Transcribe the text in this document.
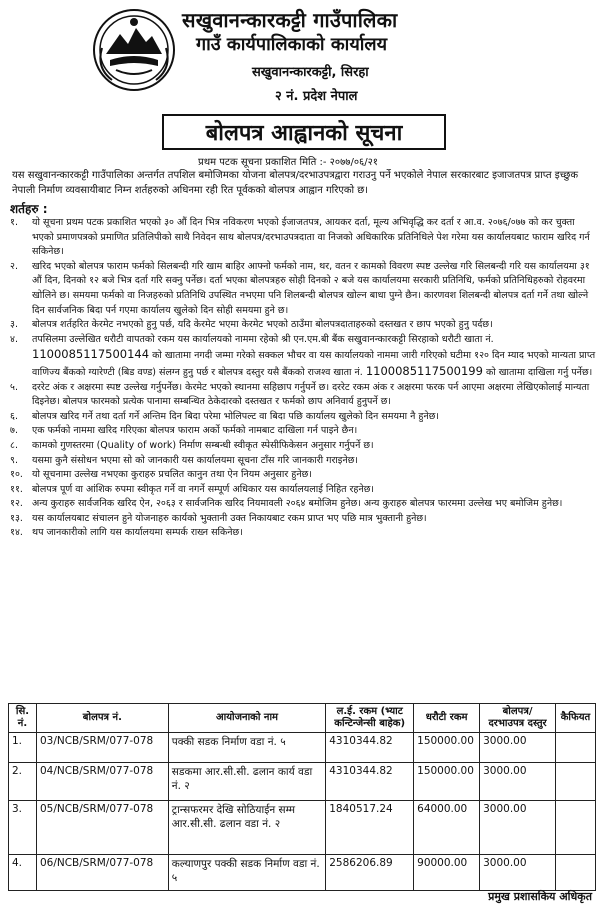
सखुवानन्कारकट्टी गाउँपालिका
गाउँ कार्यपालिकाको कार्यालय
सखुवानन्कारकट्टी, सिरहा
२ नं. प्रदेश नेपाल
बोलपत्र आह्वानको सूचना
प्रथम पटक सूचना प्रकाशित मिति :- २०७७/०६/२१
यस सखुवानन्कारकट्टी गाउँपालिका अन्तर्गत तपशिल बमोजिमका योजना बोलपत्र/दरभाउपत्रद्वारा गराउनु पर्ने भएकोले नेपाल सरकारबाट इजाजतपत्र प्राप्त इच्छुक नेपाली निर्माण व्यवसायीबाट निम्न शर्तहरुको अधिनमा रही रित पूर्वकको बोलपत्र आह्वान गरिएको छ।
शर्तहरु :
१.	यो सूचना प्रथम पटक प्रकाशित भएको ३० औं दिन भित्र नविकरण भएको ईजाजतपत्र, आयकर दर्ता, मूल्य अभिवृद्धि कर दर्ता र आ.व. २०७६/०७७ को कर चुक्ता भएको प्रमाणपत्रको प्रमाणित प्रतिलिपीको साथै निवेदन साथ बोलपत्र/दरभाउपत्रदाता वा निजको अधिकारिक प्रतिनिधिले पेश गरेमा यस कार्यालयबाट फाराम खरिद गर्न सकिनेछ।
२.	खरिद भएको बोलपत्र फाराम फर्मको सिलबन्दी गरि खाम बाहिर आफ्नो फर्मको नाम, थर, वतन र कामको विवरण स्पष्ट उल्लेख गरि सिलबन्दी गरि यस कार्यालयमा ३१ औं दिन, दिनको १२ बजे भित्र दर्ता गरि सक्नु पर्नेछ। दर्ता भएका बोलपत्रहरु सोही दिनको २ बजे यस कार्यालयमा सरकारी प्रतिनिधि, फर्मको प्रतिनिधिहरुको रोहवरमा खोलिने छ। समयमा फर्मको वा निजहरुको प्रतिनिधि उपस्थित नभएमा पनि शिलबन्दी बोलपत्र खोल्न बाधा पुग्ने छैन। कारणवश शिलबन्दी बोलपत्र दर्ता गर्ने तथा खोल्ने दिन सार्वजनिक बिदा पर्न गएमा कार्यालय खुलेको दिन सोही समयमा हुने छ।
३.	बोलपत्र शर्तहरित केरमेट नभएको हुनु पर्छ, यदि केरमेट भएमा केरमेट भएको ठाउँमा बोलपत्रदाताहरुको दस्तखत र छाप भएको हुनु पर्दछ।
४.	तपसिलमा उल्लेखित धरौटी वापतको रकम यस कार्यालयको नाममा रहेको श्री एन.एम.बी बैंक सखुवानन्कारकट्टी सिरहाको धरौटी खाता नं. 1100085117500144 को खातामा नगदी जम्मा गरेको सक्कल भौचर वा यस कार्यालयको नाममा जारी गरिएको घटीमा १२० दिन म्याद भएको मान्यता प्राप्त वाणिज्य बैंकको ग्यारेण्टी (बिड वण्ड) संलग्न हुनु पर्छ र बोलपत्र दस्तुर यसै बैंकको राजश्व खाता नं. 1100085117500199 को खातामा दाखिला गर्नु पर्नेछ।
५.	दररेट अंक र अक्षरमा स्पष्ट उल्लेख गर्नुपर्नेछ। केरमेट भएको स्थानमा सहिछाप गर्नुपर्ने छ। दररेट रकम अंक र अक्षरमा फरक पर्न आएमा अक्षरमा लेखिएकोलाई मान्यता दिइनेछ। बोलपत्र फारमको प्रत्येक पानामा सम्बन्धित ठेकेदारको दस्तखत र फर्मको छाप अनिवार्य हुनुपर्ने छ।
६.	बोलपत्र खरिद गर्ने तथा दर्ता गर्ने अन्तिम दिन बिदा परेमा भोलिपल्ट वा बिदा पछि कार्यालय खुलेको दिन समयमा नै हुनेछ।
७.	एक फर्मको नाममा खरिद गरिएका बोलपत्र फाराम अर्को फर्मको नामबाट दाखिला गर्न पाइने छैन।
८.	कामको गुणस्तरमा (Quality of work) निर्माण सम्बन्धी स्वीकृत स्पेसीफिकेसन अनुसार गर्नुपर्ने छ।
९.	यसमा कुनै संसोधन भएमा सो को जानकारी यस कार्यालयमा सूचना टाँस गरि जानकारी गराइनेछ।
१०. यो सूचनामा उल्लेख नभएका कुराहरु प्रचलित कानुन तथा ऐन नियम अनुसार हुनेछ।
११. बोलपत्र पूर्ण वा आंशिक रुपमा स्वीकृत गर्ने वा नगर्ने सम्पूर्ण अधिकार यस कार्यालयलाई निहित रहनेछ।
१२. अन्य कुराहरु सार्वजनिक खरिद ऐन, २०६३ र सार्वजनिक खरिद नियमावली २०६४ बमोजिम हुनेछ। अन्य कुराहरु बोलपत्र फारममा उल्लेख भए बमोजिम हुनेछ।
१३. यस कार्यालयबाट संचालन हुने योजनाहरु कार्यको भुक्तानी उक्त निकायबाट रकम प्राप्त भए पछि मात्र भुक्तानी हुनेछ।
१४. थप जानकारीको लागि यस कार्यालयमा सम्पर्क राख्न सकिनेछ।
सि. नं.	बोलपत्र नं.	आयोजनाको नाम	ल.ई. रकम (भ्याट कन्टिन्जेन्सी बाहेक)	धरौटी रकम	बोलपत्र/ दरभाउपत्र दस्तुर	कैफियत
1.	03/NCB/SRM/077-078	पक्की सडक निर्माण वडा नं. ५	4310344.82	150000.00	3000.00	
2.	04/NCB/SRM/077-078	सडकमा आर.सी.सी. ढलान कार्य वडा नं. २	4310344.82	150000.00	3000.00	
3.	05/NCB/SRM/077-078	ट्रान्सफरमर देखि सोठियाईन सम्म आर.सी.सी. ढलान वडा नं. २	1840517.24	64000.00	3000.00	
4.	06/NCB/SRM/077-078	कल्याणपुर पक्की सडक निर्माण वडा नं. ५	2586206.89	90000.00	3000.00	
प्रमुख प्रशासकिय अधिकृत
